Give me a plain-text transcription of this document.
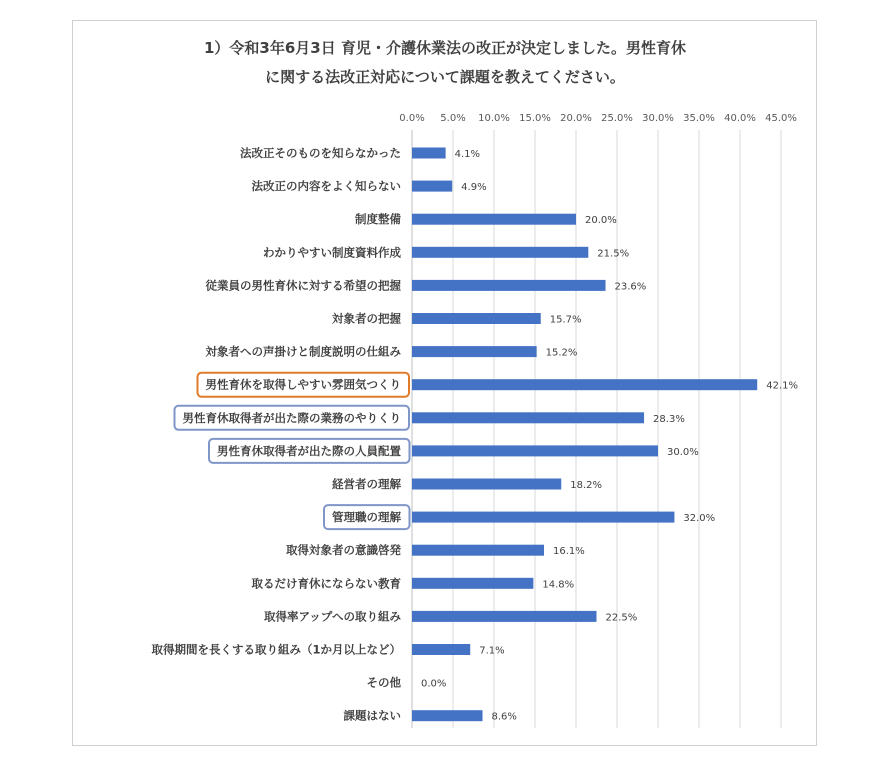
1）令和3年6月3日 育児・介護休業法の改正が決定しました。男性育休
に関する法改正対応について課題を教えてください。
0.0% 5.0% 10.0% 15.0% 20.0% 25.0% 30.0% 35.0% 40.0% 45.0%
法改正そのものを知らなかった	4.1%
法改正の内容をよく知らない	4.9%
制度整備	20.0%
わかりやすい制度資料作成	21.5%
従業員の男性育休に対する希望の把握	23.6%
対象者の把握	15.7%
対象者への声掛けと制度説明の仕組み	15.2%
男性育休を取得しやすい雰囲気つくり	42.1%
男性育休取得者が出た際の業務のやりくり	28.3%
男性育休取得者が出た際の人員配置	30.0%
経営者の理解	18.2%
管理職の理解	32.0%
取得対象者の意識啓発	16.1%
取るだけ育休にならない教育	14.8%
取得率アップへの取り組み	22.5%
取得期間を長くする取り組み（1か月以上など）	7.1%
その他 0.0%
課題はない	8.6%
